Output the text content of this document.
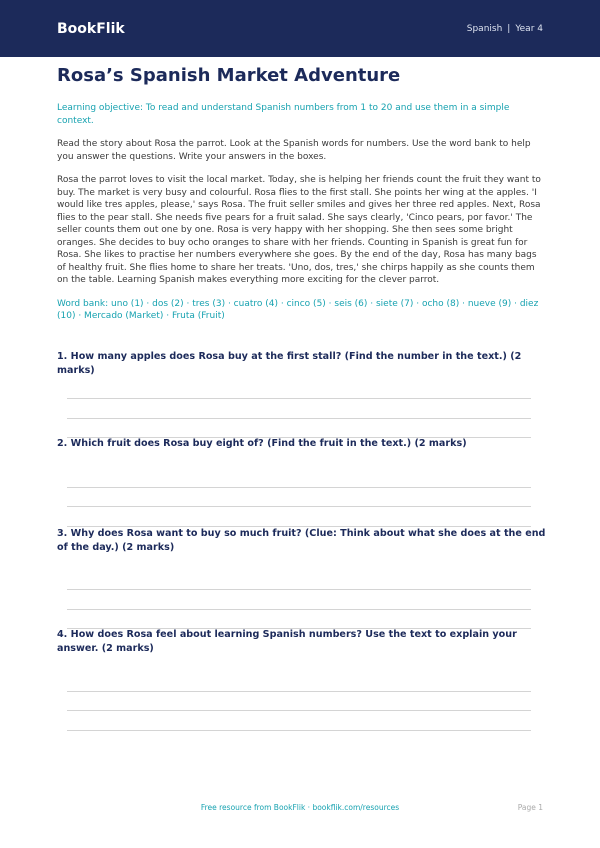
BookFlik	Spanish | Year 4
Rosa’s Spanish Market Adventure

Learning objective: To read and understand Spanish numbers from 1 to 20 and use them in a simple context.

Read the story about Rosa the parrot. Look at the Spanish words for numbers. Use the word bank to help you answer the questions. Write your answers in the boxes.

Rosa the parrot loves to visit the local market. Today, she is helping her friends count the fruit they want to buy. The market is very busy and colourful. Rosa flies to the first stall. She points her wing at the apples. 'I would like tres apples, please,' says Rosa. The fruit seller smiles and gives her three red apples. Next, Rosa flies to the pear stall. She needs five pears for a fruit salad. She says clearly, 'Cinco pears, por favor.' The seller counts them out one by one. Rosa is very happy with her shopping. She then sees some bright oranges. She decides to buy ocho oranges to share with her friends. Counting in Spanish is great fun for Rosa. She likes to practise her numbers everywhere she goes. By the end of the day, Rosa has many bags of healthy fruit. She flies home to share her treats. 'Uno, dos, tres,' she chirps happily as she counts them on the table. Learning Spanish makes everything more exciting for the clever parrot.

Word bank: uno (1) · dos (2) · tres (3) · cuatro (4) · cinco (5) · seis (6) · siete (7) · ocho (8) · nueve (9) · diez (10) · Mercado (Market) · Fruta (Fruit)

1. How many apples does Rosa buy at the first stall? (Find the number in the text.) (2 marks)

2. Which fruit does Rosa buy eight of? (Find the fruit in the text.) (2 marks)

3. Why does Rosa want to buy so much fruit? (Clue: Think about what she does at the end of the day.) (2 marks)

4. How does Rosa feel about learning Spanish numbers? Use the text to explain your answer. (2 marks)

Free resource from BookFlik · bookflik.com/resources	Page 1
